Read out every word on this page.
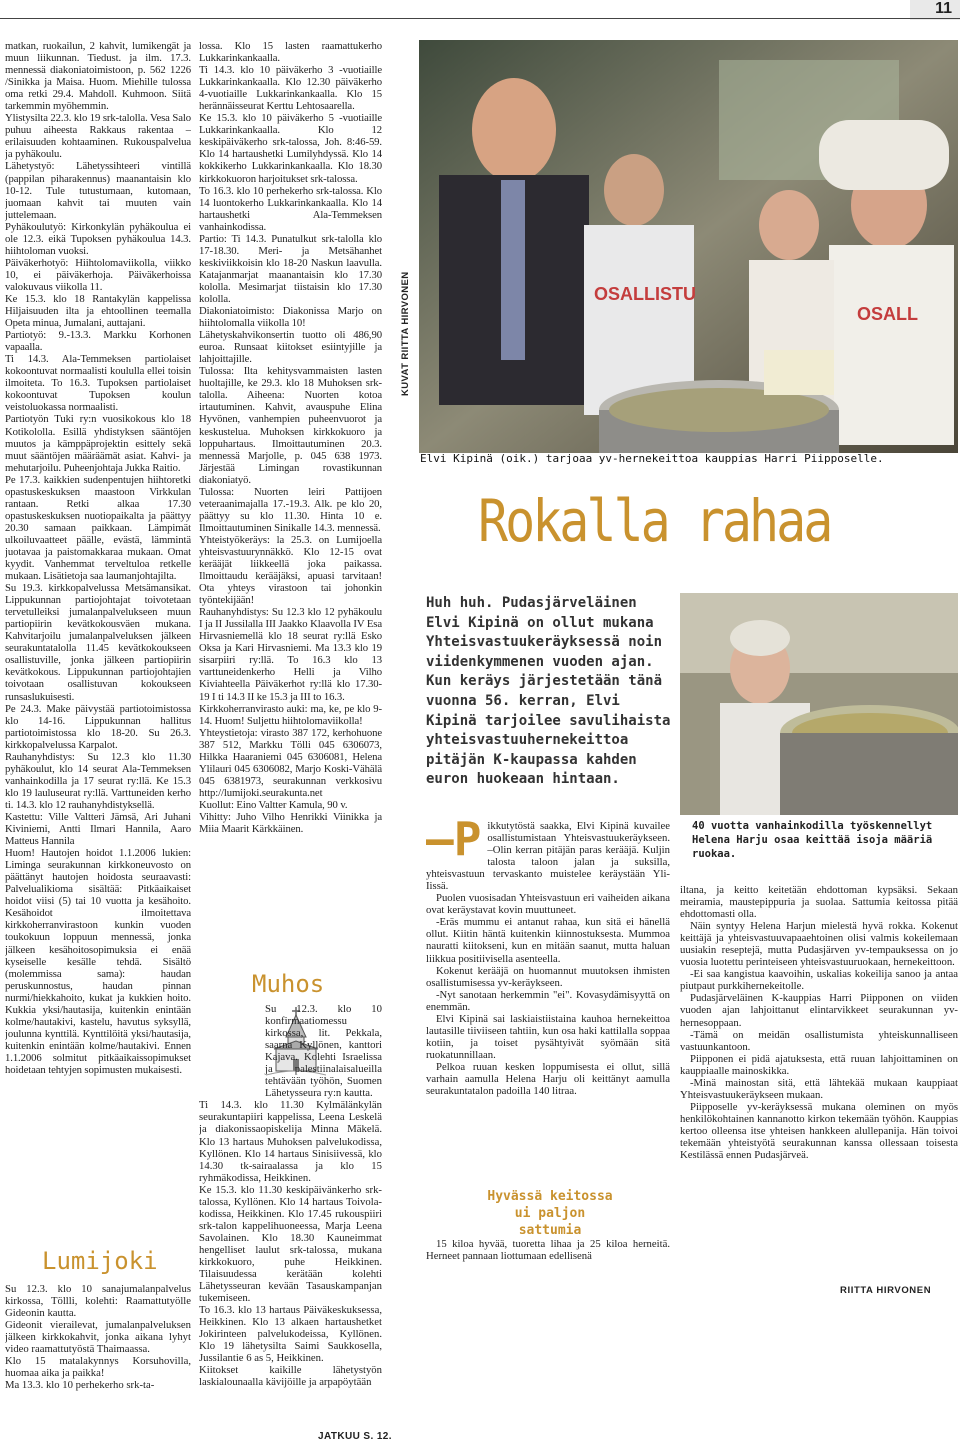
11

matkan, ruokailun, 2 kahvit, lumikengät ja muun liikunnan. Tiedust. ja ilm. 17.3. mennessä diakoniatoimistoon, p. 562 1226 /Sinikka ja Maisa. Huom. Miehille tulossa oma retki 29.4. Mahdoll. Kuhmoon. Siitä tarkemmin myöhemmin.

Ylistysilta 22.3. klo 19 srk-talolla. Vesa Salo puhuu aiheesta Rakkaus rakentaa – erilaisuuden kohtaaminen. Rukouspalvelua ja pyhäkoulu.

Lähetystyö: Lähetyssihteeri vintillä (pappilan piharakennus) maanantaisin klo 10-12. Tule tutustumaan, kutomaan, juomaan kahvit tai muuten vain juttelemaan.

Pyhäkoulutyö: Kirkonkylän pyhäkoulua ei ole 12.3. eikä Tupoksen pyhäkoulua 14.3. hiihtoloman vuoksi.

Päiväkerhotyö: Hiihtolomaviikolla, viikko 10, ei päiväkerhoja. Päiväkerhoissa valokuvaus viikolla 11.

Ke 15.3. klo 18 Rantakylän kappelissa Hiljaisuuden ilta ja ehtoollinen teemalla Opeta minua, Jumalani, auttajani.

Partiotyö: 9.-13.3. Markku Korhonen vapaalla.

Ti 14.3. Ala-Temmeksen partiolaiset kokoontuvat normaalisti koululla ellei toisin ilmoiteta. To 16.3. Tupoksen partiolaiset kokoontuvat Tupoksen koulun veistoluokassa normaalisti.

Partiotyön Tuki ry:n vuosikokous klo 18 Kotikololla. Esillä yhdistyksen sääntöjen muutos ja kämppäprojektin esittely sekä muut sääntöjen määräämät asiat. Kahvi- ja mehutarjoilu. Puheenjohtaja Jukka Raitio.

Pe 17.3. kaikkien sudenpentujen hiihtoretki opastuskeskuksen maastoon Virkkulan rantaan. Retki alkaa 17.30 opastuskeskuksen nuotiopaikalta ja päättyy 20.30 samaan paikkaan. Lämpimät ulkoiluvaatteet päälle, evästä, lämmintä juotavaa ja paistomakkaraa mukaan. Omat kyydit. Vanhemmat terveltuloa retkelle mukaan. Lisätietoja saa laumanjohtajilta.

Su 19.3. kirkkopalvelussa Metsämansikat. Lippukunnan partiojohtajat toivotetaan tervetulleiksi jumalanpalvelukseen muun partiopiirin kevätkokousväen mukana. Kahvitarjoilu jumalanpalveluksen jälkeen seurakuntatalolla 11.45 kevätkokoukseen osallistuville, jonka jälkeen partiopiirin kevätkokous. Lippukunnan partiojohtajien toivotaan osallistuvan kokoukseen runsaslukuisesti.

Pe 24.3. Make päivystää partiotoimistossa klo 14-16. Lippukunnan hallitus partiotoimistossa klo 18-20. Su 26.3. kirkkopalvelussa Karpalot.

Rauhanyhdistys: Su 12.3 klo 11.30 pyhäkoulut, klo 14 seurat Ala-Temmeksen vanhainkodilla ja 17 seurat ry:llä. Ke 15.3 klo 19 lauluseurat ry:llä. Varttuneiden kerho ti. 14.3. klo 12 rauhanyhdistyksellä.

Kastettu: Ville Valtteri Jämsä, Ari Juhani Kiviniemi, Antti Ilmari Hannila, Aaro Matteus Hannila

Huom! Hautojen hoidot 1.1.2006 lukien: Liminga seurakunnan kirkkoneuvosto on päättänyt hautojen hoidosta seuraavasti: Palvelualikioma sisältää: Pitkäaikaiset hoidot viisi (5) tai 10 vuotta ja kesähoito. Kesähoidot ilmoitettava kirkkoherranvirastoon kunkin vuoden toukokuun loppuun mennessä, jonka jälkeen kesähoitosopimuksia ei enää kyseiselle kesälle tehdä. Sisältö (molemmissa sama): haudan peruskunnostus, haudan pinnan nurmi/hiekkahoito, kukat ja kukkien hoito. Kukkia yksi/hautasija, kuitenkin enintään kolme/hautakivi, kastelu, havutus syksyllä, joulunna kynttilä. Kynttilöitä yksi/hautasija, kuitenkin enintään kolme/hautakivi. Ennen 1.1.2006 solmitut pitkäaikaissopimukset hoidetaan tehtyjen sopimusten mukaisesti.

Lumijoki

Su 12.3. klo 10 sanajumalanpalvelus kirkossa, Töllli, kolehti: Raamattutyölle Gideonin kautta.

Gideonit vierailevat, jumalanpalveluksen jälkeen kirkkokahvit, jonka aikana lyhyt video raamattutyöstä Thaimaassa.

Klo 15 matalakynnys Korsuhovilla, huomaa aika ja paikka!

Ma 13.3. klo 10 perhekerho srk-ta-

lossa. Klo 15 lasten raamattukerho Lukkarinkankaalla.

Ti 14.3. klo 10 päiväkerho 3 -vuotiaille Lukkarinkankaalla. Klo 12.30 päiväkerho 4-vuotiaille Lukkarinkankaalla. Klo 15 herännäisseurat Kerttu Lehtosaarella.

Ke 15.3. klo 10 päiväkerho 5 -vuotiaille Lukkarinkankaalla. Klo 12 keskipäiväkerho srk-talossa, Joh. 8:46-59. Klo 14 hartaushetki Lumilyhdyssä. Klo 14 kokkikerho Lukkarinkankaalla. Klo 18.30 kirkkokuoron harjoitukset srk-talossa.

To 16.3. klo 10 perhekerho srk-talossa. Klo 14 luontokerho Lukkarinkankaalla. Klo 14 hartaushetki Ala-Temmeksen vanhainkodissa.

Partio: Ti 14.3. Punatulkut srk-talolla klo 17-18.30. Meri- ja Metsähanhet keskiviikkoisin klo 18-20 Naskun laavulla. Katajanmarjat maanantaisin klo 17.30 kololla. Mesimarjat tiistaisin klo 17.30 kololla.

Diakoniatoimisto: Diakonissa Marjo on hiihtolomalla viikolla 10!

Lähetyskahvikonsertin tuotto oli 486,90 euroa. Runsaat kiitokset esiintyjille ja lahjoittajille.

Tulossa: Ilta kehitysvammaisten lasten huoltajille, ke 29.3. klo 18 Muhoksen srk-talolla. Aiheena: Nuorten kotoa irtautuminen. Kahvit, avauspuhe Elina Hyvönen, vanhempien puheenvuorot ja keskustelua. Muhoksen kirkkokuoro ja loppuhartaus. Ilmoittautuminen 20.3. mennessä Marjolle, p. 045 638 1973. Järjestää Limingan rovastikunnan diakoniatyö.

Tulossa: Nuorten leiri Pattijoen veteraanimajalla 17.-19.3. Alk. pe klo 20, päättyy su klo 11.30. Hinta 10 e. Ilmoittautuminen Sinikalle 14.3. mennessä.

Yhteistyökeräys: la 25.3. on Lumijoella yhteisvastuurynnäkkö. Klo 12-15 ovat kerääjät liikkeellä joka paikassa. Ilmoittaudu kerääjäksi, apuasi tarvitaan! Ota yhteys virastoon tai johonkin työntekijään!

Rauhanyhdistys: Su 12.3 klo 12 pyhäkoulu I ja II Jussilalla III Jaakko Klaavolla IV Esa Hirvasniemellä klo 18 seurat ry:llä Esko Oksa ja Kari Hirvasniemi. Ma 13.3 klo 19 sisarpiiri ry:llä. To 16.3 klo 13 varttuneidenkerho Helli ja Vilho Kiviahteella Päiväkerhot ry:llä klo 17.30-19 I ti 14.3 II ke 15.3 ja III to 16.3.

Kirkkoherranvirasto auki: ma, ke, pe klo 9-14. Huom! Suljettu hiihtolomaviikolla!

Yhteystietoja: virasto 387 172, kerhohuone 387 512, Markku Tölli 045 6306073, Hilkka Haaraniemi 045 6306081, Helena Ylilauri 045 6306082, Marjo Koski-Vähälä 045 6381973, seurakunnan verkkosivu http://lumijoki.seurakunta.net

Kuollut: Eino Valtter Kamula, 90 v.

Vihitty: Juho Vilho Henrikki Viinikka ja Miia Maarit Kärkkäinen.

Muhos

Su 12.3. klo 10 konfirmaatiomessu kirkossa, lit. Pekkala, saarna Kyllönen, kanttori Kajava. Kolehti Israelissa ja palestiinalaisalueilla tehtävään työhön, Suomen Lähetysseura ry:n kautta.

Ti 14.3. klo 11.30 Kylmälänkylän seurakuntapiiri kappelissa, Leena Leskelä ja diakonissaopiskelija Minna Mäkelä. Klo 13 hartaus Muhoksen palvelukodissa, Kyllönen. Klo 14 hartaus Sinisiivessä, klo 14.30 tk-sairaalassa ja klo 15 ryhmäkodissa, Heikkinen.

Ke 15.3. klo 11.30 keskipäivänkerho srk-talossa, Kyllönen. Klo 14 hartaus Toivola-kodissa, Heikkinen. Klo 17.45 rukouspiiri srk-talon kappelihuoneessa, Marja Leena Savolainen. Klo 18.30 Kauneimmat hengelliset laulut srk-talossa, mukana kirkkokuoro, puhe Heikkinen. Tilaisuudessa kerätään kolehti Lähetysseuran kevään Tasauskampanjan tukemiseen.

To 16.3. klo 13 hartaus Päiväkeskuksessa, Heikkinen. Klo 13 alkaen hartaushetket Jokirinteen palvelukodeissa, Kyllönen. Klo 19 lähetysilta Saimi Saukkosella, Jussilantie 6 as 5, Heikkinen.

Kiitokset kaikille lähetystyön laskialounaalla kävijöille ja arpapöytään

JATKUU S. 12.
KUVAT RIITTA HIRVONEN	OSALLISTU
OSALL
Elvi Kipinä (oik.) tarjoaa yv-hernekeittoa kauppias Harri Piipposelle.
Rokalla rahaa
Huh huh. Pudasjärveläinen Elvi Kipinä on ollut mukana Yhteisvastuukeräyksessä noin viidenkymmenen vuoden ajan. Kun keräys järjestetään tänä vuonna 56. kerran, Elvi Kipinä tarjoilee savulihaista yhteisvastuuhernekeittoa pitäjän K-kaupassa kahden euron huokeaan hintaan.
40 vuotta vanhainkodilla työskennellyt Helena Harju osaa keittää isoja määriä ruokaa.
–P ikkutytöstä saakka, Elvi Kipinä kuvailee osallistumistaan Yhteisvastuukeräykseen. –Olin kerran pitäjän paras kerääjä. Kuljin talosta taloon jalan ja suksilla, yhteisvastuun tervaskanto muistelee keräystään Yli-Iissä.

Puolen vuosisadan Yhteisvastuun eri vaiheiden aikana ovat keräystavat kovin muuttuneet.

-Eräs mummu ei antanut rahaa, kun sitä ei hänellä ollut. Kiitin häntä kuitenkin kiinnostuksesta. Mummoa nauratti kiitokseni, kun en mitään saanut, mutta haluan liikkua positiivisella asenteella.

Kokenut kerääjä on huomannut muutoksen ihmisten osallistumisessa yv-keräykseen.

-Nyt sanotaan herkemmin "ei". Kovasydämisyyttä on enemmän.

Elvi Kipinä sai laskiaistiistaina kauhoa hernekeittoa lautasille tiiviiseen tahtiin, kun osa haki kattilalla soppaa kotiin, ja toiset pysähtyivät syömään sitä ruokatunnillaan.

Pelkoa ruuan kesken loppumisesta ei ollut, sillä varhain aamulla Helena Harju oli keittänyt aamulla seurakuntatalon padoilla 140 litraa.

Hyvässä keitossa
ui paljon sattumia

15 kiloa hyvää, tuoretta lihaa ja 25 kiloa herneitä. Herneet pannaan liottumaan edellisenä

iltana, ja keitto keitetään ehdottoman kypsäksi. Sekaan meiramia, maustepippuria ja suolaa. Sattumia keitossa pitää ehdottomasti olla.

Näin syntyy Helena Harjun mielestä hyvä rokka. Kokenut keittäjä ja yhteisvastuuvapaaehtoinen olisi valmis kokeilemaan uusiakin reseptejä, mutta Pudasjärven yv-tempauksessa on jo vuosia luotettu perinteiseen yhteisvastuuruokaan, hernekeittoon.

-Ei saa kangistua kaavoihin, uskalias kokeilija sanoo ja antaa piutpaut purkkihernekeitolle.

Pudasjärveläinen K-kauppias Harri Piipponen on viiden vuoden ajan lahjoittanut elintarvikkeet seurakunnan yv-hernesoppaan.

-Tämä on meidän osallistumista yhteiskunnalliseen vastuunkantoon.

Piipponen ei pidä ajatuksesta, että ruuan lahjoittaminen on kauppiaalle mainoskikka.

-Minä mainostan sitä, että lähtekää mukaan kauppiaat Yhteisvastuukeräykseen mukaan.

Piipposelle yv-keräyksessä mukana oleminen on myös henkilökohtainen kannanotto kirkon tekemään työhön. Kauppias kertoo olleensa itse yhteisen hankkeen alullepanija. Hän toivoi tekemään yhteistyötä seurakunnan kanssa ollessaan toisesta Kestilässä ennen Pudasjärveä.

RIITTA HIRVONEN
